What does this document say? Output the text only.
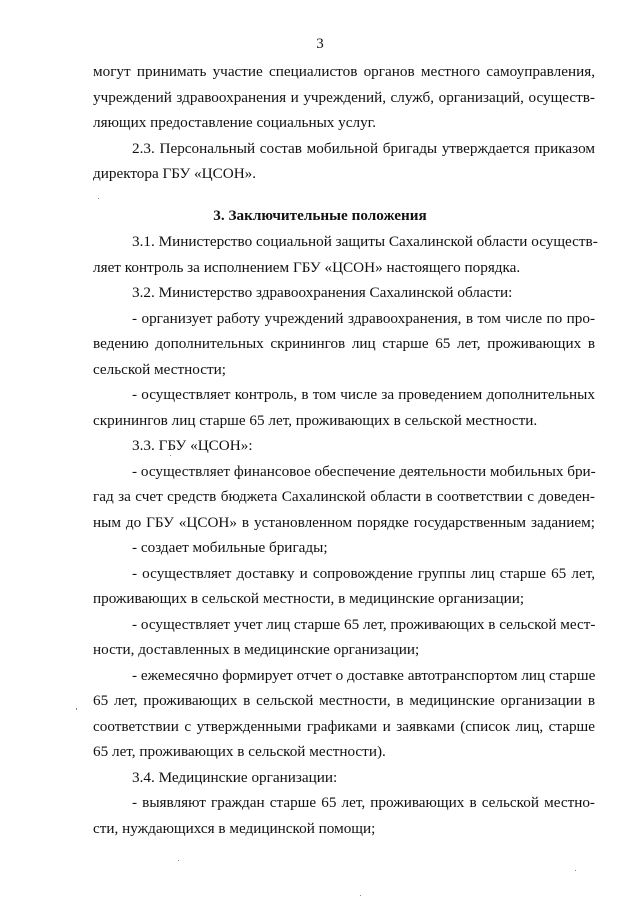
3
могут принимать участие специалистов органов местного самоуправления,
учреждений здравоохранения и учреждений, служб, организаций, осуществ-
ляющих предоставление социальных услуг.
2.3. Персональный состав мобильной бригады утверждается приказом
директора ГБУ «ЦСОН».
3. Заключительные положения
3.1. Министерство социальной защиты Сахалинской области осуществ-
ляет контроль за исполнением ГБУ «ЦСОН» настоящего порядка.
3.2. Министерство здравоохранения Сахалинской области:
- организует работу учреждений здравоохранения, в том числе по про-
ведению дополнительных скринингов лиц старше 65 лет, проживающих в
сельской местности;
- осуществляет контроль, в том числе за проведением дополнительных
скринингов лиц старше 65 лет, проживающих в сельской местности.
3.3. ГБУ «ЦСОН»:
- осуществляет финансовое обеспечение деятельности мобильных бри-
гад за счет средств бюджета Сахалинской области в соответствии с доведен-
ным до ГБУ «ЦСОН» в установленном порядке государственным заданием;
- создает мобильные бригады;
- осуществляет доставку и сопровождение группы лиц старше 65 лет,
проживающих в сельской местности, в медицинские организации;
- осуществляет учет лиц старше 65 лет, проживающих в сельской мест-
ности, доставленных в медицинские организации;
- ежемесячно формирует отчет о доставке автотранспортом лиц старше
65 лет, проживающих в сельской местности, в медицинские организации в
соответствии с утвержденными графиками и заявками (список лиц, старше
65 лет, проживающих в сельской местности).
3.4. Медицинские организации:
- выявляют граждан старше 65 лет, проживающих в сельской местно-
сти, нуждающихся в медицинской помощи;
